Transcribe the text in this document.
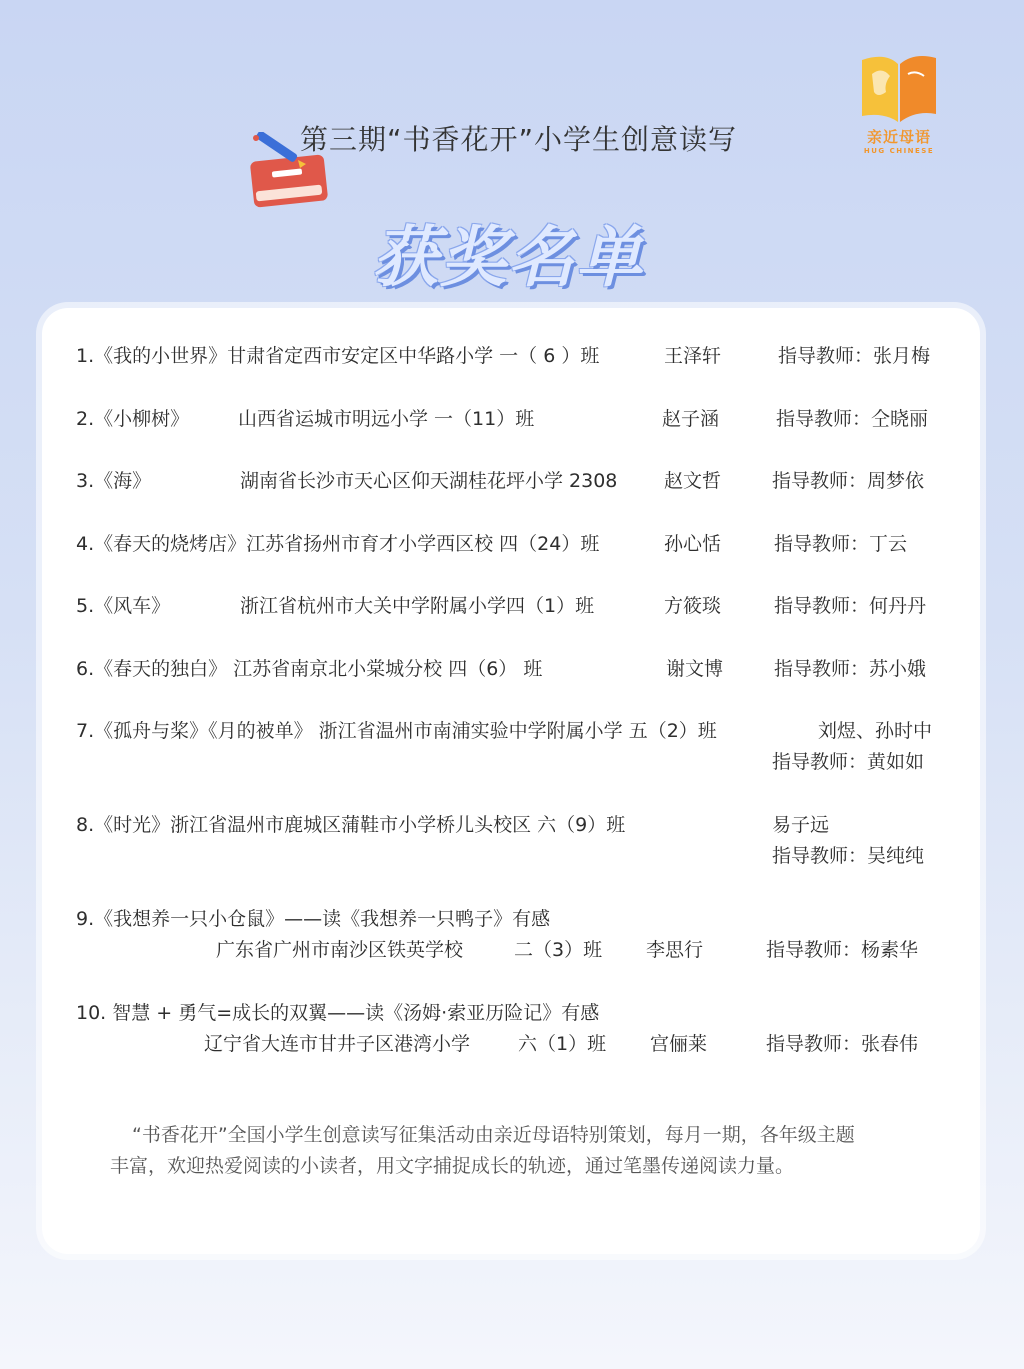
亲近母语
HUG CHINESE
第三期“书香花开”小学生创意读写
获奖名单
1.《我的小世界》甘肃省定西市安定区中华路小学 一（ 6 ）班	王泽轩	指导教师：张月梅
2.《小柳树》	山西省运城市明远小学 一（11）班	赵子涵	指导教师：仝晓丽
3.《海》	湖南省长沙市天心区仰天湖桂花坪小学 2308 赵文哲	指导教师：周梦依
4.《春天的烧烤店》江苏省扬州市育才小学西区校 四（24）班	孙心恬	指导教师：丁云
5.《风车》	浙江省杭州市大关中学附属小学四（1）班	方筱琰	指导教师：何丹丹
6.《春天的独白》 江苏省南京北小棠城分校 四（6） 班	谢文博	指导教师：苏小娥
7.《孤舟与桨》《月的被单》 浙江省温州市南浦实验中学附属小学 五（2）班	刘煜、孙时中
指导教师：黄如如
8.《时光》浙江省温州市鹿城区蒲鞋市小学桥儿头校区 六（9）班	易子远
指导教师：吴纯纯
9.《我想养一只小仓鼠》——读《我想养一只鸭子》有感
广东省广州市南沙区铁英学校	二（3）班 李思行	指导教师：杨素华
10. 智慧 + 勇气=成长的双翼——读《汤姆·索亚历险记》有感
辽宁省大连市甘井子区港湾小学	六（1）班 宫俪莱	指导教师：张春伟

“书香花开”全国小学生创意读写征集活动由亲近母语特别策划，每月一期，各年级主题

丰富，欢迎热爱阅读的小读者，用文字捕捉成长的轨迹，通过笔墨传递阅读力量。
